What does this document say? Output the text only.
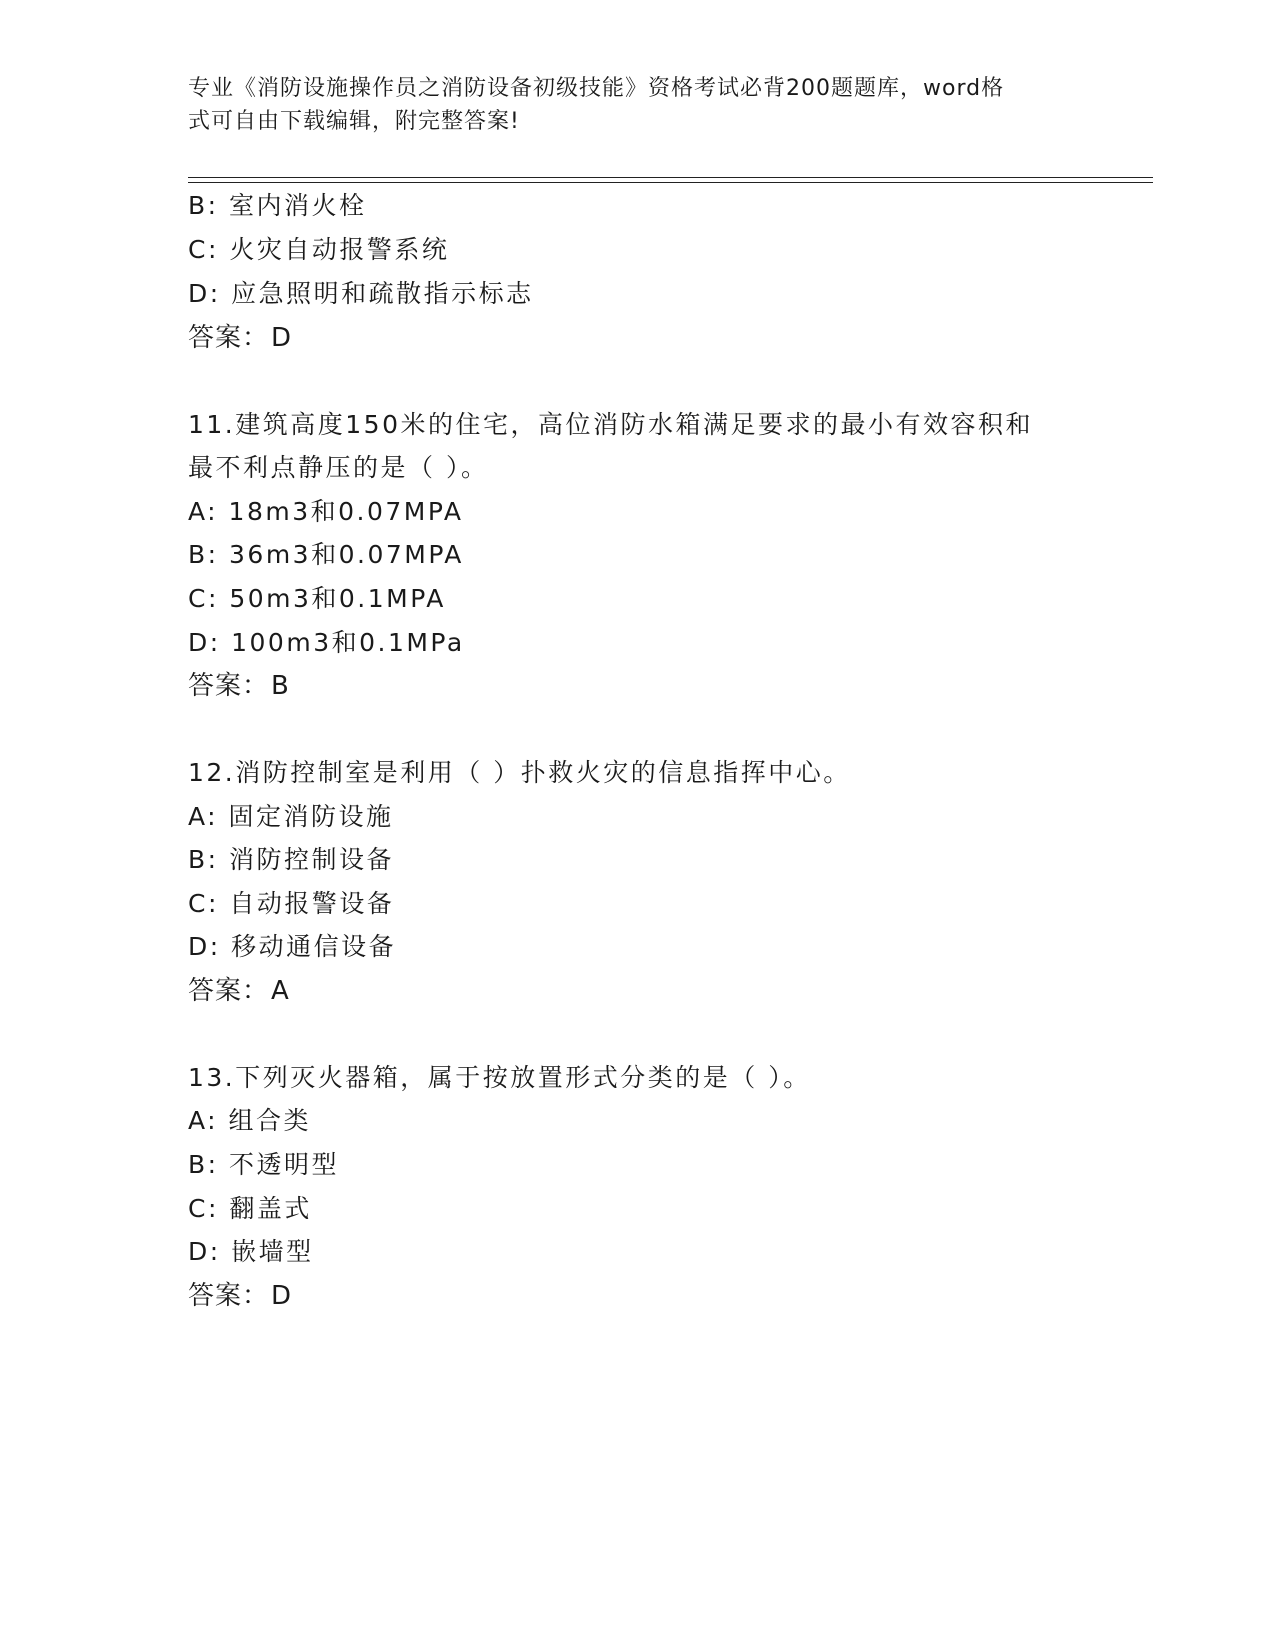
专业《消防设施操作员之消防设备初级技能》资格考试必背200题题库，word格
式可自由下载编辑，附完整答案!
B: 室内消火栓
C: 火灾自动报警系统
D: 应急照明和疏散指示标志
答案：D
11.建筑高度150米的住宅，高位消防水箱满足要求的最小有效容积和
最不利点静压的是（ ）。
A: 18m3和0.07MPA
B: 36m3和0.07MPA
C: 50m3和0.1MPA
D: 100m3和0.1MPa
答案：B
12.消防控制室是利用（ ）扑救火灾的信息指挥中心。
A: 固定消防设施
B: 消防控制设备
C: 自动报警设备
D: 移动通信设备
答案：A
13.下列灭火器箱，属于按放置形式分类的是（ ）。
A: 组合类
B: 不透明型
C: 翻盖式
D: 嵌墙型
答案：D
